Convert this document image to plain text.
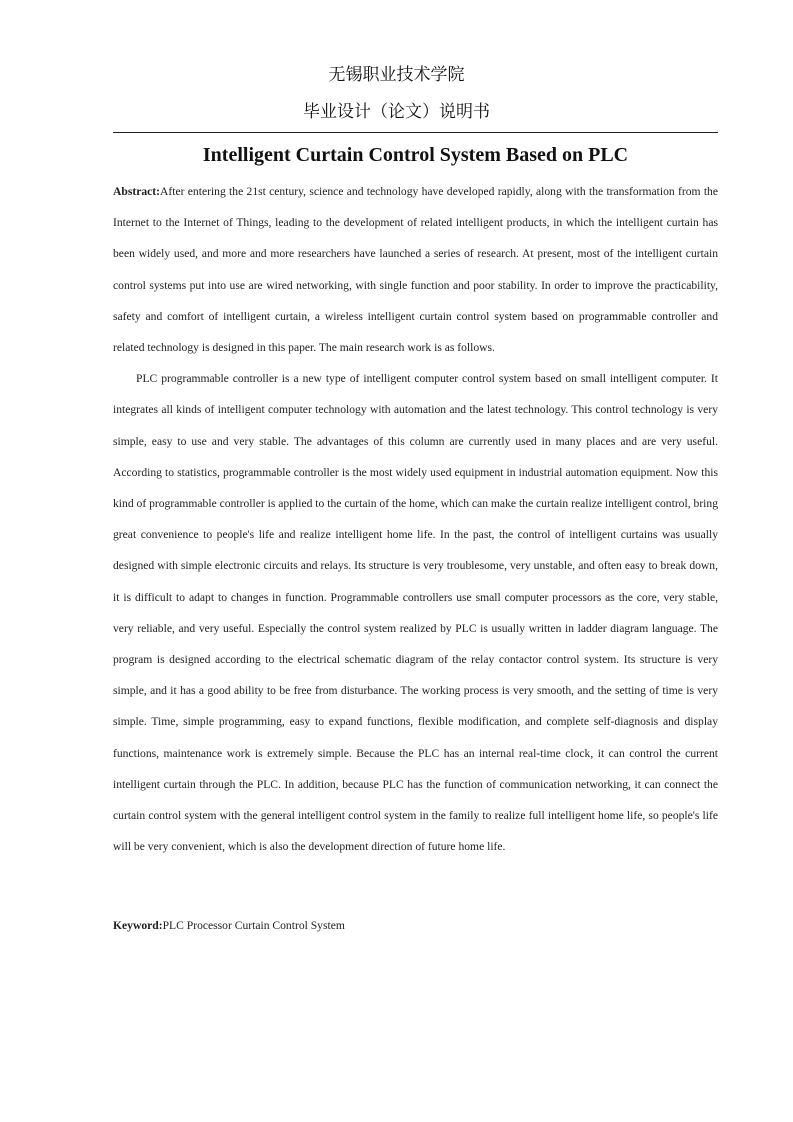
无锡职业技术学院
毕业设计（论文）说明书
Intelligent Curtain Control System Based on PLC

Abstract:After entering the 21st century, science and technology have developed rapidly, along with the transformation from the Internet to the Internet of Things, leading to the development of related intelligent products, in which the intelligent curtain has been widely used, and more and more researchers have launched a series of research. At present, most of the intelligent curtain control systems put into use are wired networking, with single function and poor stability. In order to improve the practicability, safety and comfort of intelligent curtain, a wireless intelligent curtain control system based on programmable controller and related technology is designed in this paper. The main research work is as follows.

PLC programmable controller is a new type of intelligent computer control system based on small intelligent computer. It integrates all kinds of intelligent computer technology with automation and the latest technology. This control technology is very simple, easy to use and very stable. The advantages of this column are currently used in many places and are very useful. According to statistics, programmable controller is the most widely used equipment in industrial automation equipment. Now this kind of programmable controller is applied to the curtain of the home, which can make the curtain realize intelligent control, bring great convenience to people's life and realize intelligent home life. In the past, the control of intelligent curtains was usually designed with simple electronic circuits and relays. Its structure is very troublesome, very unstable, and often easy to break down, it is difficult to adapt to changes in function. Programmable controllers use small computer processors as the core, very stable, very reliable, and very useful. Especially the control system realized by PLC is usually written in ladder diagram language. The program is designed according to the electrical schematic diagram of the relay contactor control system. Its structure is very simple, and it has a good ability to be free from disturbance. The working process is very smooth, and the setting of time is very simple. Time, simple programming, easy to expand functions, flexible modification, and complete self-diagnosis and display functions, maintenance work is extremely simple. Because the PLC has an internal real-time clock, it can control the current intelligent curtain through the PLC. In addition, because PLC has the function of communication networking, it can connect the curtain control system with the general intelligent control system in the family to realize full intelligent home life, so people's life will be very convenient, which is also the development direction of future home life.

Keyword:PLC Processor Curtain Control System
